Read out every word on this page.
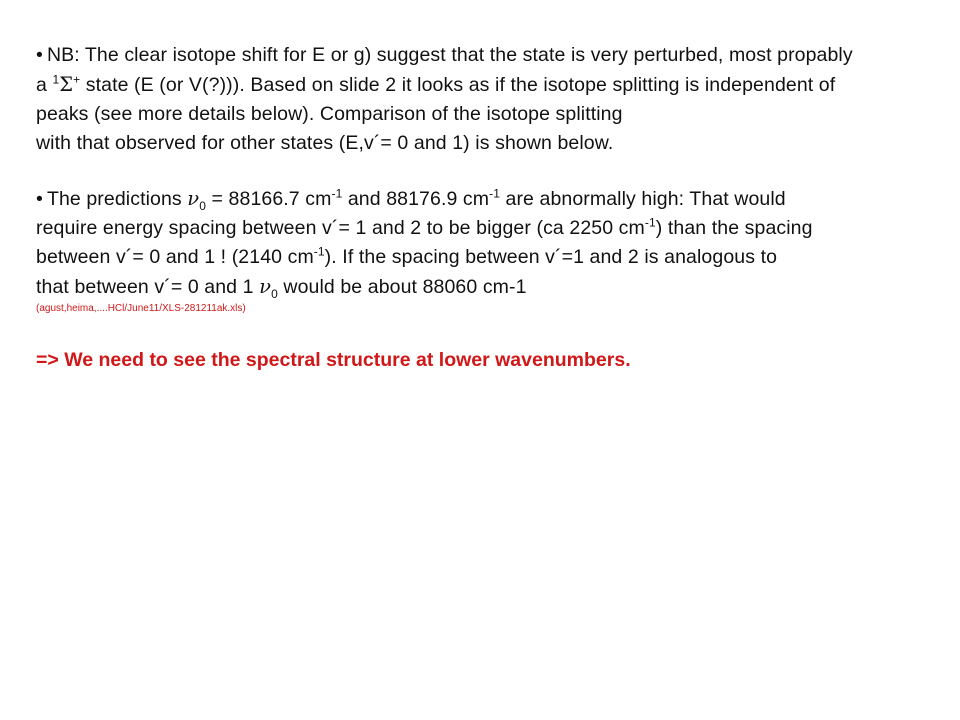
• NB: The clear isotope shift for E or g) suggest that the state is very perturbed, most propably
a $^1$Σ+ state (E (or V(?))). Based on slide 2 it looks as if the isotope splitting is independent of
peaks (see more details below). Comparison of the isotope splitting
with that observed for other states (E,v´= 0 and 1) is shown below.
• The predictions $\nu_0 = 88166.7$ $cm^{-1}$ and 88176.9 $cm^{-1}$ are abnormally high: That would
require energy spacing between v´= 1 and 2 to be bigger (ca 2250 $cm^{-1}$) than the spacing
between v´= 0 and 1 ! (2140 $cm^{-1}$). If the spacing between v´=1 and 2 is analogous to
that between v´= 0 and 1 $\nu_0$ would be about 88060 cm-1
(agust,heima,....HCl/June11/XLS-281211ak.xls)
=> We need to see the spectral structure at lower wavenumbers.
